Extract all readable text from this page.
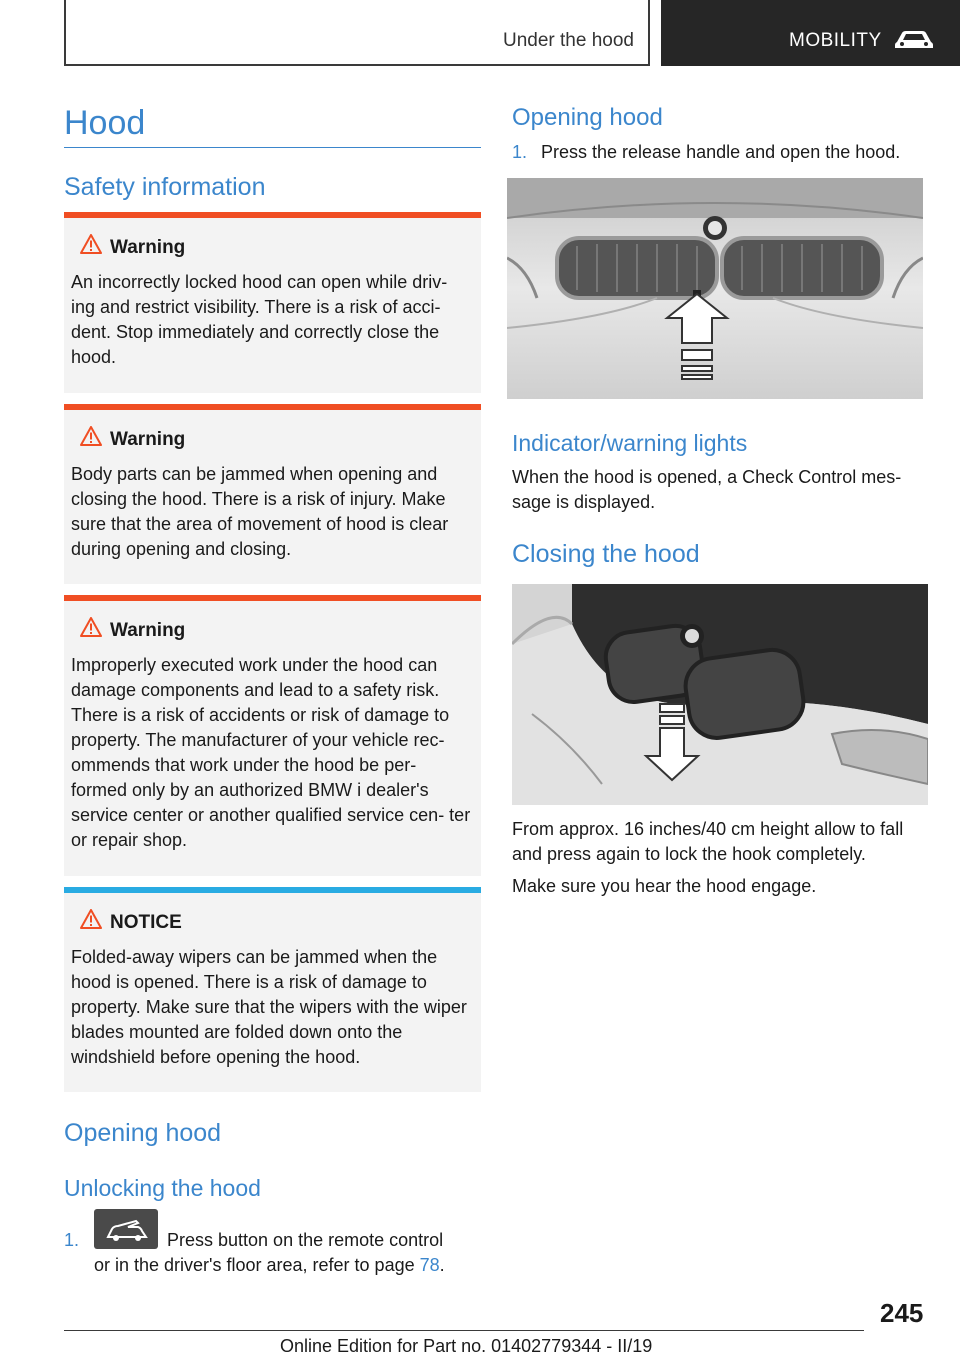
Under the hood	MOBILITY
Hood
Safety information
Warning
An incorrectly locked hood can open while driv- ing and restrict visibility. There is a risk of acci- dent. Stop immediately and correctly close the hood.
Warning
Body parts can be jammed when opening and closing the hood. There is a risk of injury. Make sure that the area of movement of hood is clear during opening and closing.
Warning
Improperly executed work under the hood can damage components and lead to a safety risk. There is a risk of accidents or risk of damage to property. The manufacturer of your vehicle rec- ommends that work under the hood be per- formed only by an authorized BMW i dealer's service center or another qualified service cen- ter or repair shop.
NOTICE
Folded-away wipers can be jammed when the hood is opened. There is a risk of damage to property. Make sure that the wipers with the wiper blades mounted are folded down onto the windshield before opening the hood.
Opening hood
Unlocking the hood
1.	Press button on the remote control
or in the driver's floor area, refer to page 78.
Opening hood
1. Press the release handle and open the hood.
Indicator/warning lights
When the hood is opened, a Check Control mes- sage is displayed.
Closing the hood
From approx. 16 inches/40 cm height allow to fall and press again to lock the hook completely.
Make sure you hear the hood engage.
245
Online Edition for Part no. 01402779344 - II/19
